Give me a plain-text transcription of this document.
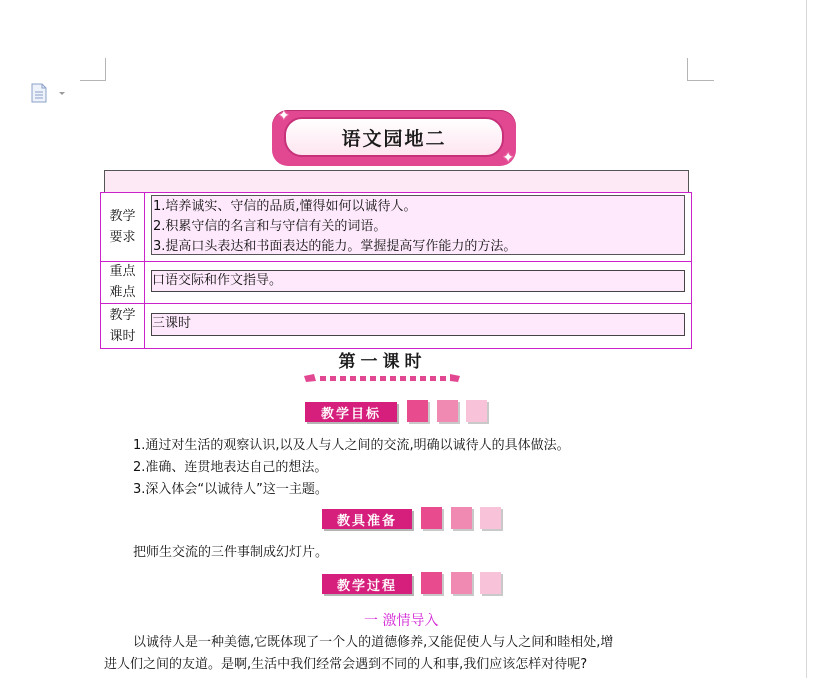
语文园地二
✦
✦
教学要求

1.培养诚实、守信的品质,懂得如何以诚待人。

2.积累守信的名言和与守信有关的词语。

3.提高口头表达和书面表达的能力。掌握提高写作能力的方法。

重点难点

口语交际和作文指导。

教学课时

三课时

第一课时
教学目标
1.通过对生活的观察认识,以及人与人之间的交流,明确以诚待人的具体做法。
2.准确、连贯地表达自己的想法。
3.深入体会“以诚待人”这一主题。
教具准备
把师生交流的三件事制成幻灯片。
教学过程
一 激情导入
以诚待人是一种美德,它既体现了一个人的道德修养,又能促使人与人之间和睦相处,增
进人们之间的友道。是啊,生活中我们经常会遇到不同的人和事,我们应该怎样对待呢?
